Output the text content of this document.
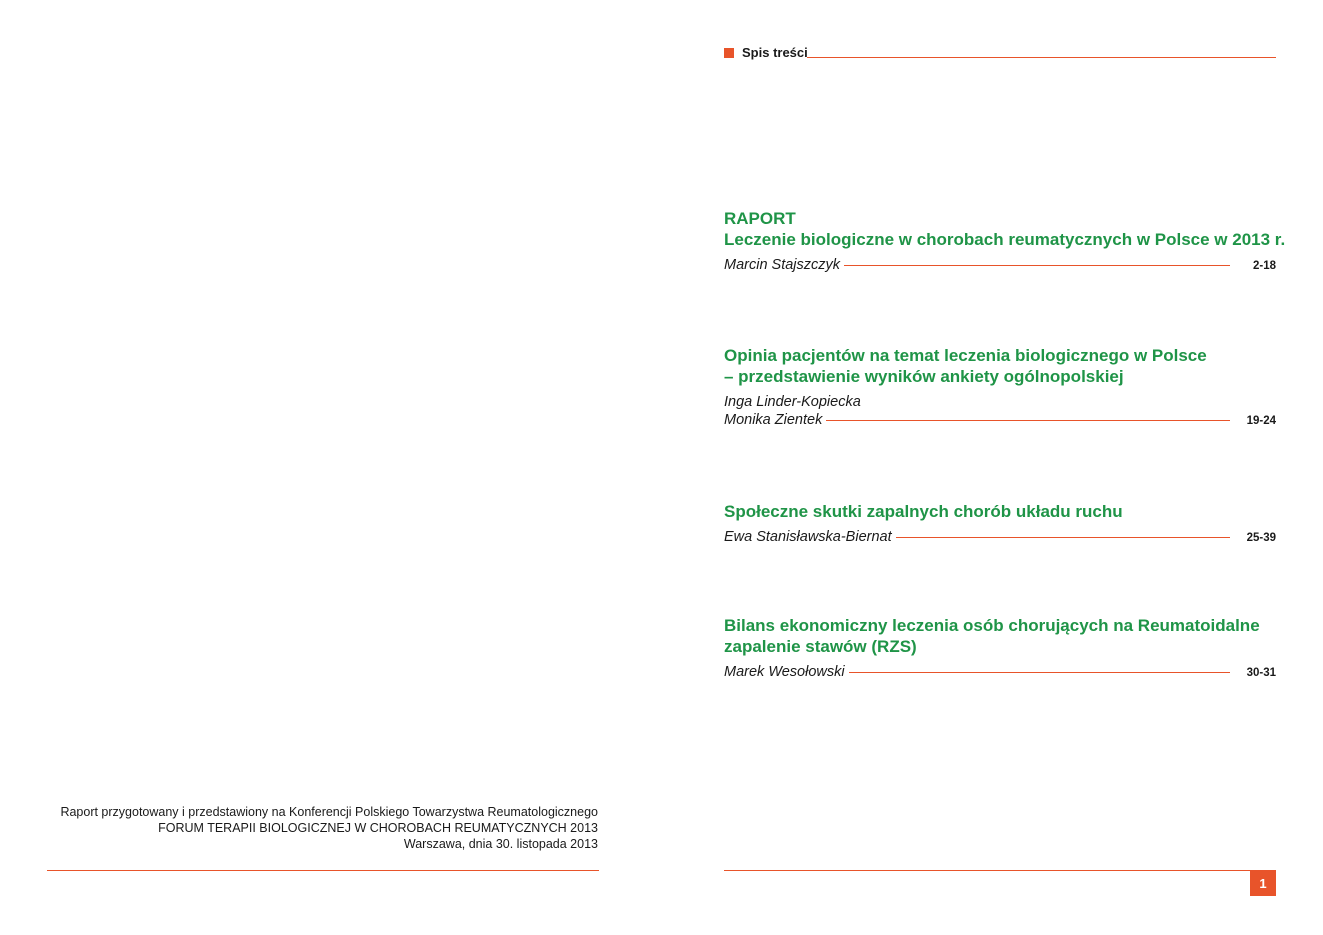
Raport przygotowany i przedstawiony na Konferencji Polskiego Towarzystwa Reumatologicznego
FORUM TERAPII BIOLOGICZNEJ W CHOROBACH REUMATYCZNYCH 2013
Warszawa, dnia 30. listopada 2013
Spis treści
RAPORT
Leczenie biologiczne w chorobach reumatycznych w Polsce w 2013 r.
Marcin Stajszczyk	2-18
Opinia pacjentów na temat leczenia biologicznego w Polsce
– przedstawienie wyników ankiety ogólnopolskiej
Inga Linder-Kopiecka
Monika Zientek	19-24
Społeczne skutki zapalnych chorób układu ruchu
Ewa Stanisławska-Biernat	25-39
Bilans ekonomiczny leczenia osób chorujących na Reumatoidalne
zapalenie stawów (RZS)
Marek Wesołowski	30-31
1
